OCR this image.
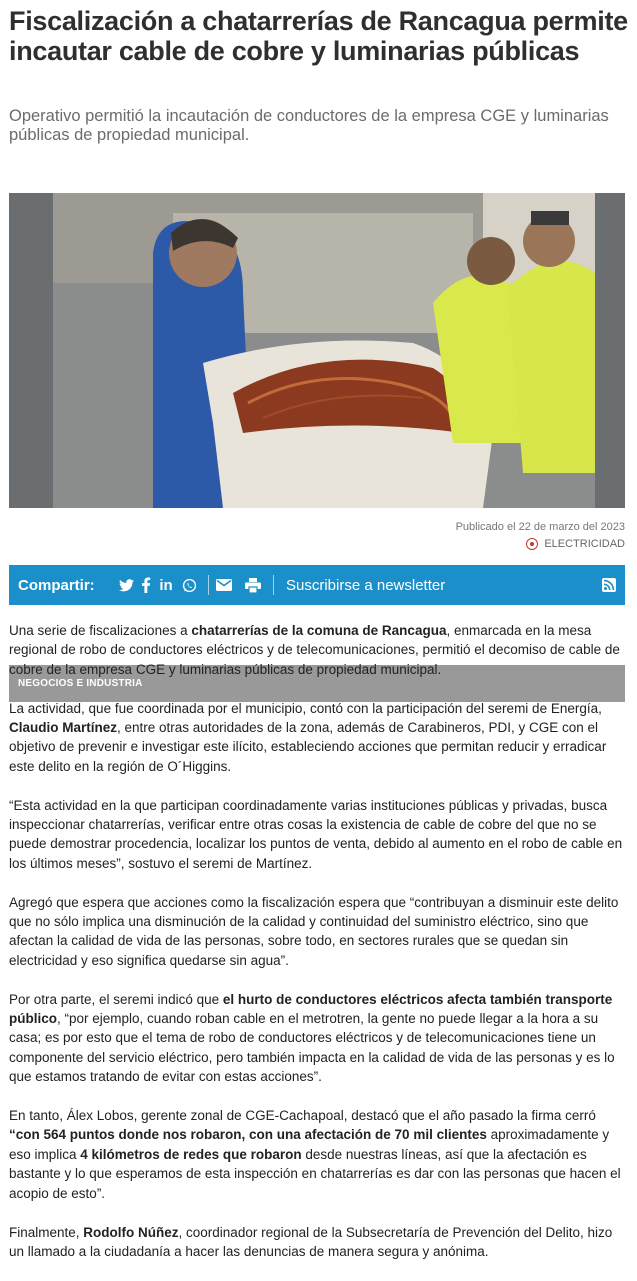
Fiscalización a chatarrerías de Rancagua permite incautar cable de cobre y luminarias públicas

Operativo permitió la incautación de conductores de la empresa CGE y luminarias públicas de propiedad municipal.

NEGOCIOS E INDUSTRIA
Publicado el 22 de marzo del 2023
ELECTRICIDAD
Compartir:	in	Suscribirse a newsletter

Una serie de fiscalizaciones a chatarrerías de la comuna de Rancagua, enmarcada en la mesa regional de robo de conductores eléctricos y de telecomunicaciones, permitió el decomiso de cable de cobre de la empresa CGE y luminarias públicas de propiedad municipal.

La actividad, que fue coordinada por el municipio, contó con la participación del seremi de Energía, Claudio Martínez, entre otras autoridades de la zona, además de Carabineros, PDI, y CGE con el objetivo de prevenir e investigar este ilícito, estableciendo acciones que permitan reducir y erradicar este delito en la región de O´Higgins.

“Esta actividad en la que participan coordinadamente varias instituciones públicas y privadas, busca inspeccionar chatarrerías, verificar entre otras cosas la existencia de cable de cobre del que no se puede demostrar procedencia, localizar los puntos de venta, debido al aumento en el robo de cable en los últimos meses”, sostuvo el seremi de Martínez.

Agregó que espera que acciones como la fiscalización espera que “contribuyan a disminuir este delito que no sólo implica una disminución de la calidad y continuidad del suministro eléctrico, sino que afectan la calidad de vida de las personas, sobre todo, en sectores rurales que se quedan sin electricidad y eso significa quedarse sin agua”.

Por otra parte, el seremi indicó que el hurto de conductores eléctricos afecta también transporte público, “por ejemplo, cuando roban cable en el metrotren, la gente no puede llegar a la hora a su casa; es por esto que el tema de robo de conductores eléctricos y de telecomunicaciones tiene un componente del servicio eléctrico, pero también impacta en la calidad de vida de las personas y es lo que estamos tratando de evitar con estas acciones”.

En tanto, Álex Lobos, gerente zonal de CGE-Cachapoal, destacó que el año pasado la firma cerró “con 564 puntos donde nos robaron, con una afectación de 70 mil clientes aproximadamente y eso implica 4 kilómetros de redes que robaron desde nuestras líneas, así que la afectación es bastante y lo que esperamos de esta inspección en chatarrerías es dar con las personas que hacen el acopio de esto”.

Finalmente, Rodolfo Núñez, coordinador regional de la Subsecretaría de Prevención del Delito, hizo un llamado a la ciudadanía a hacer las denuncias de manera segura y anónima.
